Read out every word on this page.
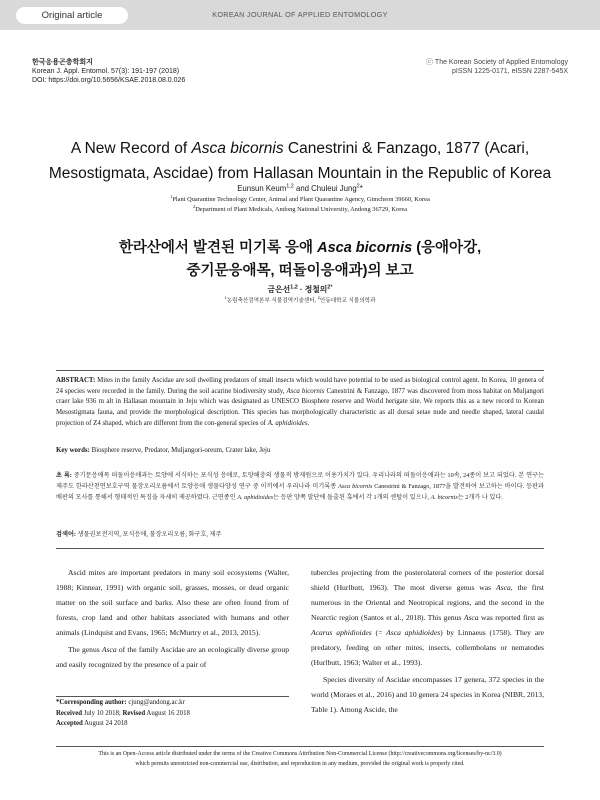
Original article	KOREAN JOURNAL OF APPLIED ENTOMOLOGY
한국응용곤충학회지
Korean J. Appl. Entomol. 57(3): 191-197 (2018)
DOI: https://doi.org/10.5656/KSAE.2018.08.0.026
ⓒ The Korean Society of Applied Entomology
pISSN 1225-0171, eISSN 2287-545X
A New Record of Asca bicornis Canestrini & Fanzago, 1877 (Acari,
Mesostigmata, Ascidae) from Hallasan Mountain in the Republic of Korea
Eunsun Keum$^{1,2}$ and Chuleui Jung$^2$*
$^1$Plant Quarantine Technology Center, Animal and Plant Quarantine Agency, Gimcheon 39660, Korea
$^2$Department of Plant Medicals, Andong National University, Andong 36729, Korea
한라산에서 발견된 미기록 응애 Asca bicornis (응애아강,
중기문응애목, 떠돌이응애과)의 보고
금은선$^{1,2}$ · 정철의$^{2*}$
$^1$농림축산검역본부 식물검역기술센터, $^2$안동대학교 식물의학과

ABSTRACT: Mites in the family Ascidae are soil dwelling predators of small insects which would have potential to be used as biological control agent. In Korea, 10 genera of 24 species were recorded in the family. During the soil acarine biodiversity study, Asca bicornis Canestrini & Fanzago, 1877 was discovered from moss habitat on Muljangori craer lake 936 m alt in Hallasan mountain in Jeju which was designated as UNESCO Biosphere reserve and World herigate site. We reports this as a new record to Korean Mesostigmata fauna, and provide the morphological description. This species has morphologically characteristic as all dorsal setae nude and needle shaped, lateral caudal projection of Z4 shaped, which are different from the con-general species of A. aphidioides.

Key words: Biosphere reserve, Predator, Muljangori-oreum, Crater lake, Jeju

초 록: 중기문응애목 떠돌이응애과는 토양에 서식하는 포식성 응애로, 토양해충의 생물적 방제원으로 이용가치가 있다. 우리나라의 떠돌이응애과는 10속, 24종이 보고 되었다. 본 연구는 제주도 한라산천연보호구역 물장오리오름에서 토양응애 생물다양성 연구 중 이끼에서 우리나라 미기록종 Asca bicornis Canestrini & Fanzago, 1877을 발견하여 보고하는 바이다. 등판과 배판의 모사를 통해서 형태적인 특징을 자세히 제공하였다. 근연종인 A. aphidioides는 등판 양쪽 말단에 돌출된 혹에서 각 1개의 센털이 있으나, A. bicornis는 2개가 나 있다.

검색어: 생물권보전지역, 포식응애, 물장오리오름, 화구호, 제주

Ascid mites are important predators in many soil ecosystems (Walter, 1988; Kinnear, 1991) with organic soil, grasses, mosses, or dead organic matter on the soil surface and barks. Also these are often found from of forests, crop land and other habitats associated with humans and other animals (Lindquist and Evans, 1965; McMurtry et al., 2013, 2015).

The genus Asca of the family Ascidae are an ecologically diverse group and easily recognized by the presence of a pair of

tubercles projecting from the posterolateral corners of the posterior dorsal shield (Hurlbutt, 1963). The most diverse genus was Asca, the first numerous in the Oriental and Neotropical regions, and the second in the Nearctic region (Santos et al., 2018). This genus Asca was reported first as Acarus aphidioides (= Asca aphidioides) by Linnaeus (1758). They are predatory, feeding on other mites, insects, collembolans or nematodes (Hurlbutt, 1963; Walter et al., 1993).

Species diversity of Ascidae encompasses 17 genera, 372 species in the world (Moraes et al., 2016) and 10 genera 24 species in Korea (NIBR, 2013, Table 1). Among Ascide, the

*Corresponding author: cjung@andong.ac.kr
Received July 10 2018; Revised August 16 2018
Accepted August 24 2018
This is an Open-Access article distributed under the terms of the Creative Commons Attribution Non-Commercial License (http://creativecommons.org/licenses/by-nc/3.0)
which permits unrestricted non-commercial use, distribution, and reproduction in any medium, provided the original work is properly cited.
